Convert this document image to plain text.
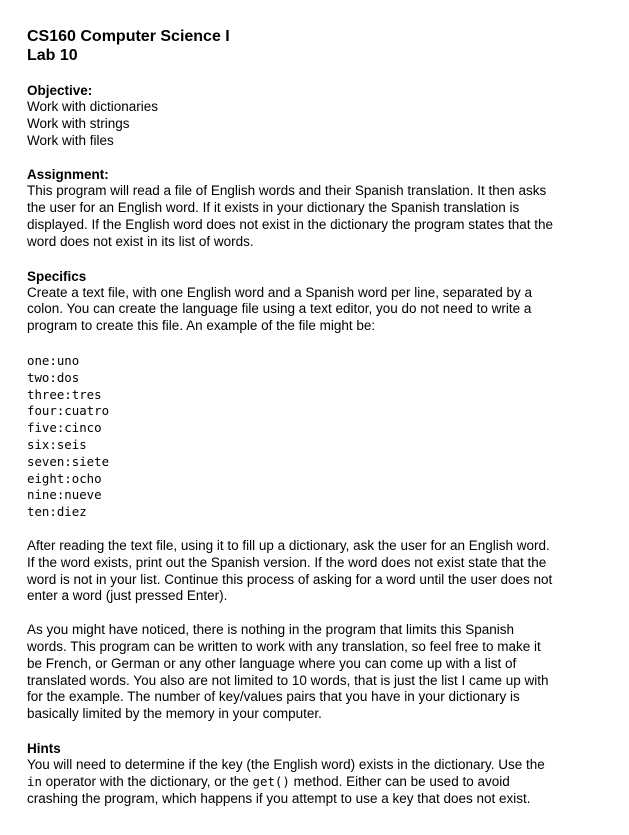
CS160 Computer Science I

Lab 10

Objective:

Work with dictionaries

Work with strings

Work with files

Assignment:

This program will read a file of English words and their Spanish translation. It then asks

the user for an English word. If it exists in your dictionary the Spanish translation is

displayed. If the English word does not exist in the dictionary the program states that the

word does not exist in its list of words.

Specifics

Create a text file, with one English word and a Spanish word per line, separated by a

colon. You can create the language file using a text editor, you do not need to write a

program to create this file. An example of the file might be:

one:uno

two:dos

three:tres

four:cuatro

five:cinco

six:seis

seven:siete

eight:ocho

nine:nueve

ten:diez

After reading the text file, using it to fill up a dictionary, ask the user for an English word.

If the word exists, print out the Spanish version. If the word does not exist state that the

word is not in your list. Continue this process of asking for a word until the user does not

enter a word (just pressed Enter).

As you might have noticed, there is nothing in the program that limits this Spanish

words. This program can be written to work with any translation, so feel free to make it

be French, or German or any other language where you can come up with a list of

translated words. You also are not limited to 10 words, that is just the list I came up with

for the example. The number of key/values pairs that you have in your dictionary is

basically limited by the memory in your computer.

Hints

You will need to determine if the key (the English word) exists in the dictionary. Use the

in operator with the dictionary, or the get() method. Either can be used to avoid

crashing the program, which happens if you attempt to use a key that does not exist.
